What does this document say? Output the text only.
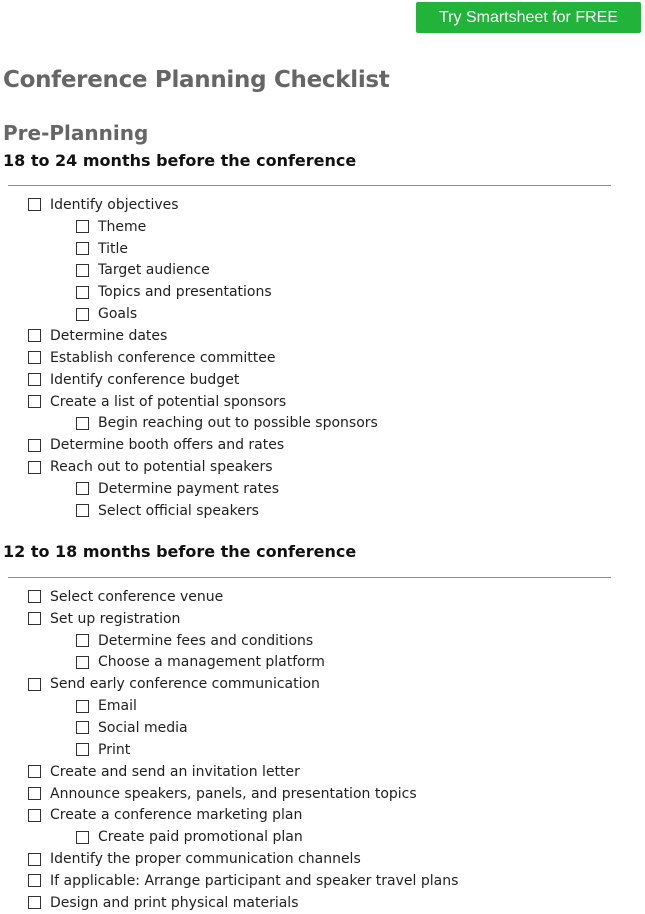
Try Smartsheet for FREE
Conference Planning Checklist
Pre-Planning
18 to 24 months before the conference
Identify objectives
Theme
Title
Target audience
Topics and presentations
Goals
Determine dates
Establish conference committee
Identify conference budget
Create a list of potential sponsors
Begin reaching out to possible sponsors
Determine booth offers and rates
Reach out to potential speakers
Determine payment rates
Select official speakers
12 to 18 months before the conference
Select conference venue
Set up registration
Determine fees and conditions
Choose a management platform
Send early conference communication
Email
Social media
Print
Create and send an invitation letter
Announce speakers, panels, and presentation topics
Create a conference marketing plan
Create paid promotional plan
Identify the proper communication channels
If applicable: Arrange participant and speaker travel plans
Design and print physical materials
